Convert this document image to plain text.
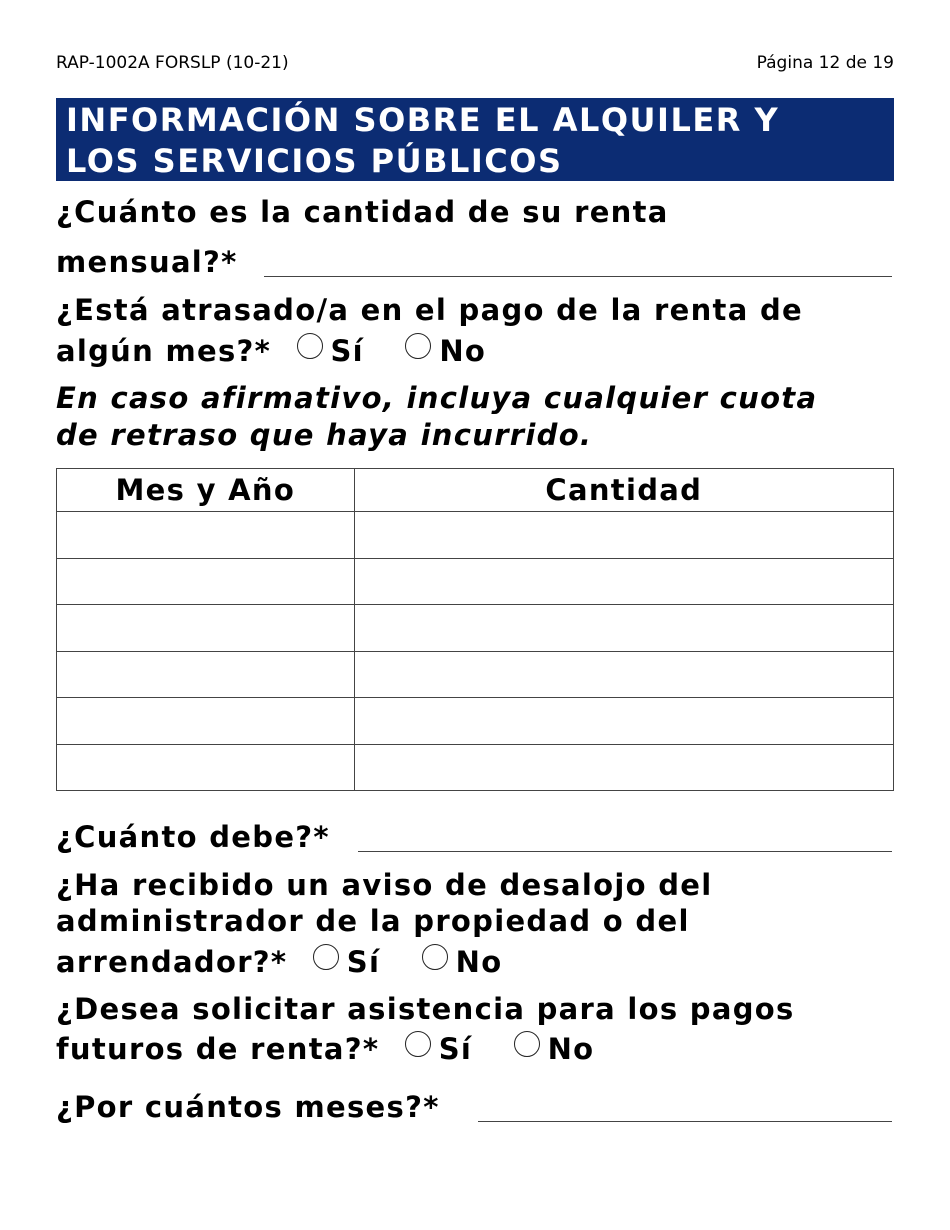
RAP-1002A FORSLP (10-21)	Página 12 de 19
INFORMACIÓN SOBRE EL ALQUILER Y
LOS SERVICIOS PÚBLICOS
¿Cuánto es la cantidad de su renta
mensual?*
¿Está atrasado/a en el pago de la renta de
algún mes?* Sí	No
En caso afirmativo, incluya cualquier cuota
de retraso que haya incurrido.
Mes y Año	Cantidad

¿Cuánto debe?*
¿Ha recibido un aviso de desalojo del
administrador de la propiedad o del
arrendador?* Sí	No
¿Desea solicitar asistencia para los pagos
futuros de renta?* Sí	No
¿Por cuántos meses?*
